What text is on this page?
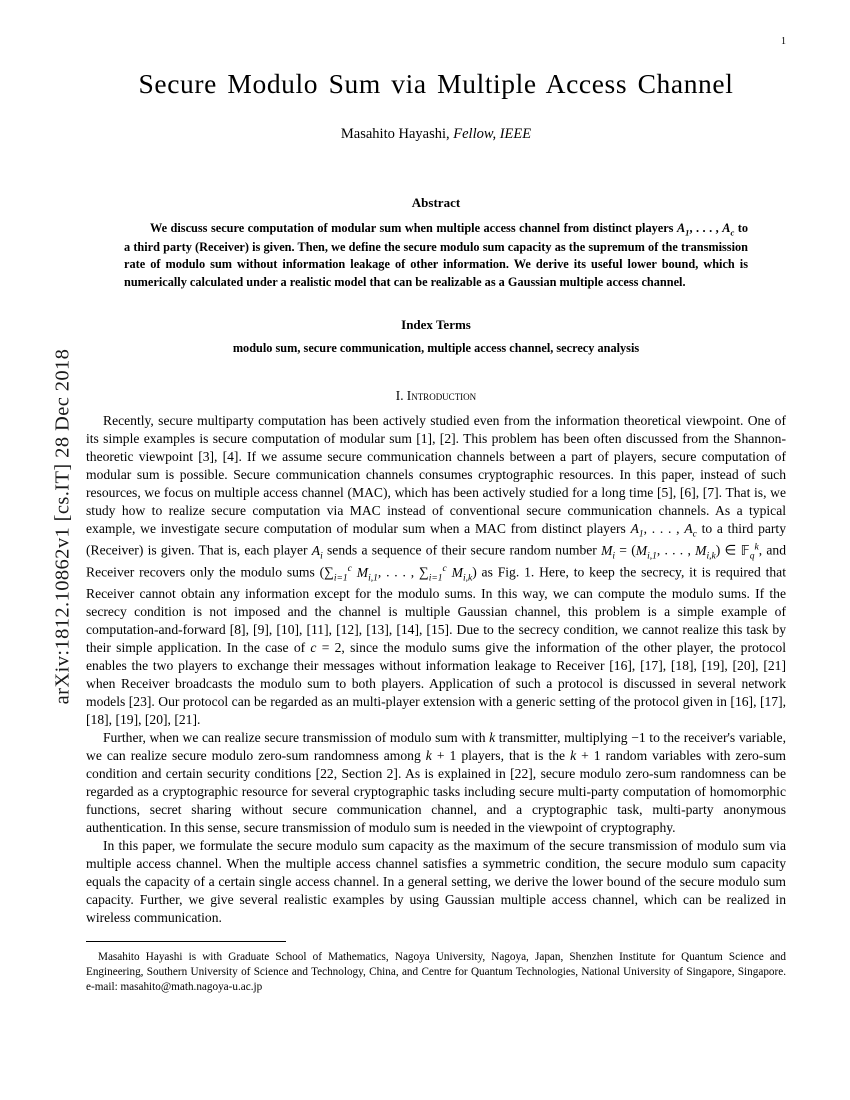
arXiv:1812.10862v1 [cs.IT] 28 Dec 2018
1
Secure Modulo Sum via Multiple Access Channel
Masahito Hayashi, Fellow, IEEE
Abstract
We discuss secure computation of modular sum when multiple access channel from distinct players $A_1$, . . . , $A_c$ to a third party (Receiver) is given. Then, we define the secure modulo sum capacity as the supremum of the transmission rate of modulo sum without information leakage of other information. We derive its useful lower bound, which is numerically calculated under a realistic model that can be realizable as a Gaussian multiple access channel.
Index Terms
modulo sum, secure communication, multiple access channel, secrecy analysis
I. Introduction

Recently, secure multiparty computation has been actively studied even from the information theoretical viewpoint. One of its simple examples is secure computation of modular sum [1], [2]. This problem has been often discussed from the Shannon-theoretic viewpoint [3], [4]. If we assume secure communication channels between a part of players, secure computation of modular sum is possible. Secure communication channels consumes cryptographic resources. In this paper, instead of such resources, we focus on multiple access channel (MAC), which has been actively studied for a long time [5], [6], [7]. That is, we study how to realize secure computation via MAC instead of conventional secure communication channels. As a typical example, we investigate secure computation of modular sum when a MAC from distinct players $A_1$, . . . , $A_c$ to a third party (Receiver) is given. That is, each player $A_i$ sends a sequence of their secure random number $M_i = (M_{i,1}$, . . . , $M_{i,k}$) ∈ 𝔽$_q^k$, and Receiver recovers only the modulo sums ($\sum_{i=1}^c$ $M_{i,1}$, . . . , $\sum_{i=1}^c$ $M_{i,k}$) as Fig. 1. Here, to keep the secrecy, it is required that Receiver cannot obtain any information except for the modulo sums. In this way, we can compute the modulo sums. If the secrecy condition is not imposed and the channel is multiple Gaussian channel, this problem is a simple example of computation-and-forward [8], [9], [10], [11], [12], [13], [14], [15]. Due to the secrecy condition, we cannot realize this task by their simple application. In the case of c = 2, since the modulo sums give the information of the other player, the protocol enables the two players to exchange their messages without information leakage to Receiver [16], [17], [18], [19], [20], [21] when Receiver broadcasts the modulo sum to both players. Application of such a protocol is discussed in several network models [23]. Our protocol can be regarded as an multi-player extension with a generic setting of the protocol given in [16], [17], [18], [19], [20], [21].

Further, when we can realize secure transmission of modulo sum with k transmitter, multiplying −1 to the receiver's variable, we can realize secure modulo zero-sum randomness among k + 1 players, that is the k + 1 random variables with zero-sum condition and certain security conditions [22, Section 2]. As is explained in [22], secure modulo zero-sum randomness can be regarded as a cryptographic resource for several cryptographic tasks including secure multi-party computation of homomorphic functions, secret sharing without secure communication channel, and a cryptographic task, multi-party anonymous authentication. In this sense, secure transmission of modulo sum is needed in the viewpoint of cryptography.

In this paper, we formulate the secure modulo sum capacity as the maximum of the secure transmission of modulo sum via multiple access channel. When the multiple access channel satisfies a symmetric condition, the secure modulo sum capacity equals the capacity of a certain single access channel. In a general setting, we derive the lower bound of the secure modulo sum capacity. Further, we give several realistic examples by using Gaussian multiple access channel, which can be realized in wireless communication.

Masahito Hayashi is with Graduate School of Mathematics, Nagoya University, Nagoya, Japan, Shenzhen Institute for Quantum Science and Engineering, Southern University of Science and Technology, China, and Centre for Quantum Technologies, National University of Singapore, Singapore. e-mail: masahito@math.nagoya-u.ac.jp
